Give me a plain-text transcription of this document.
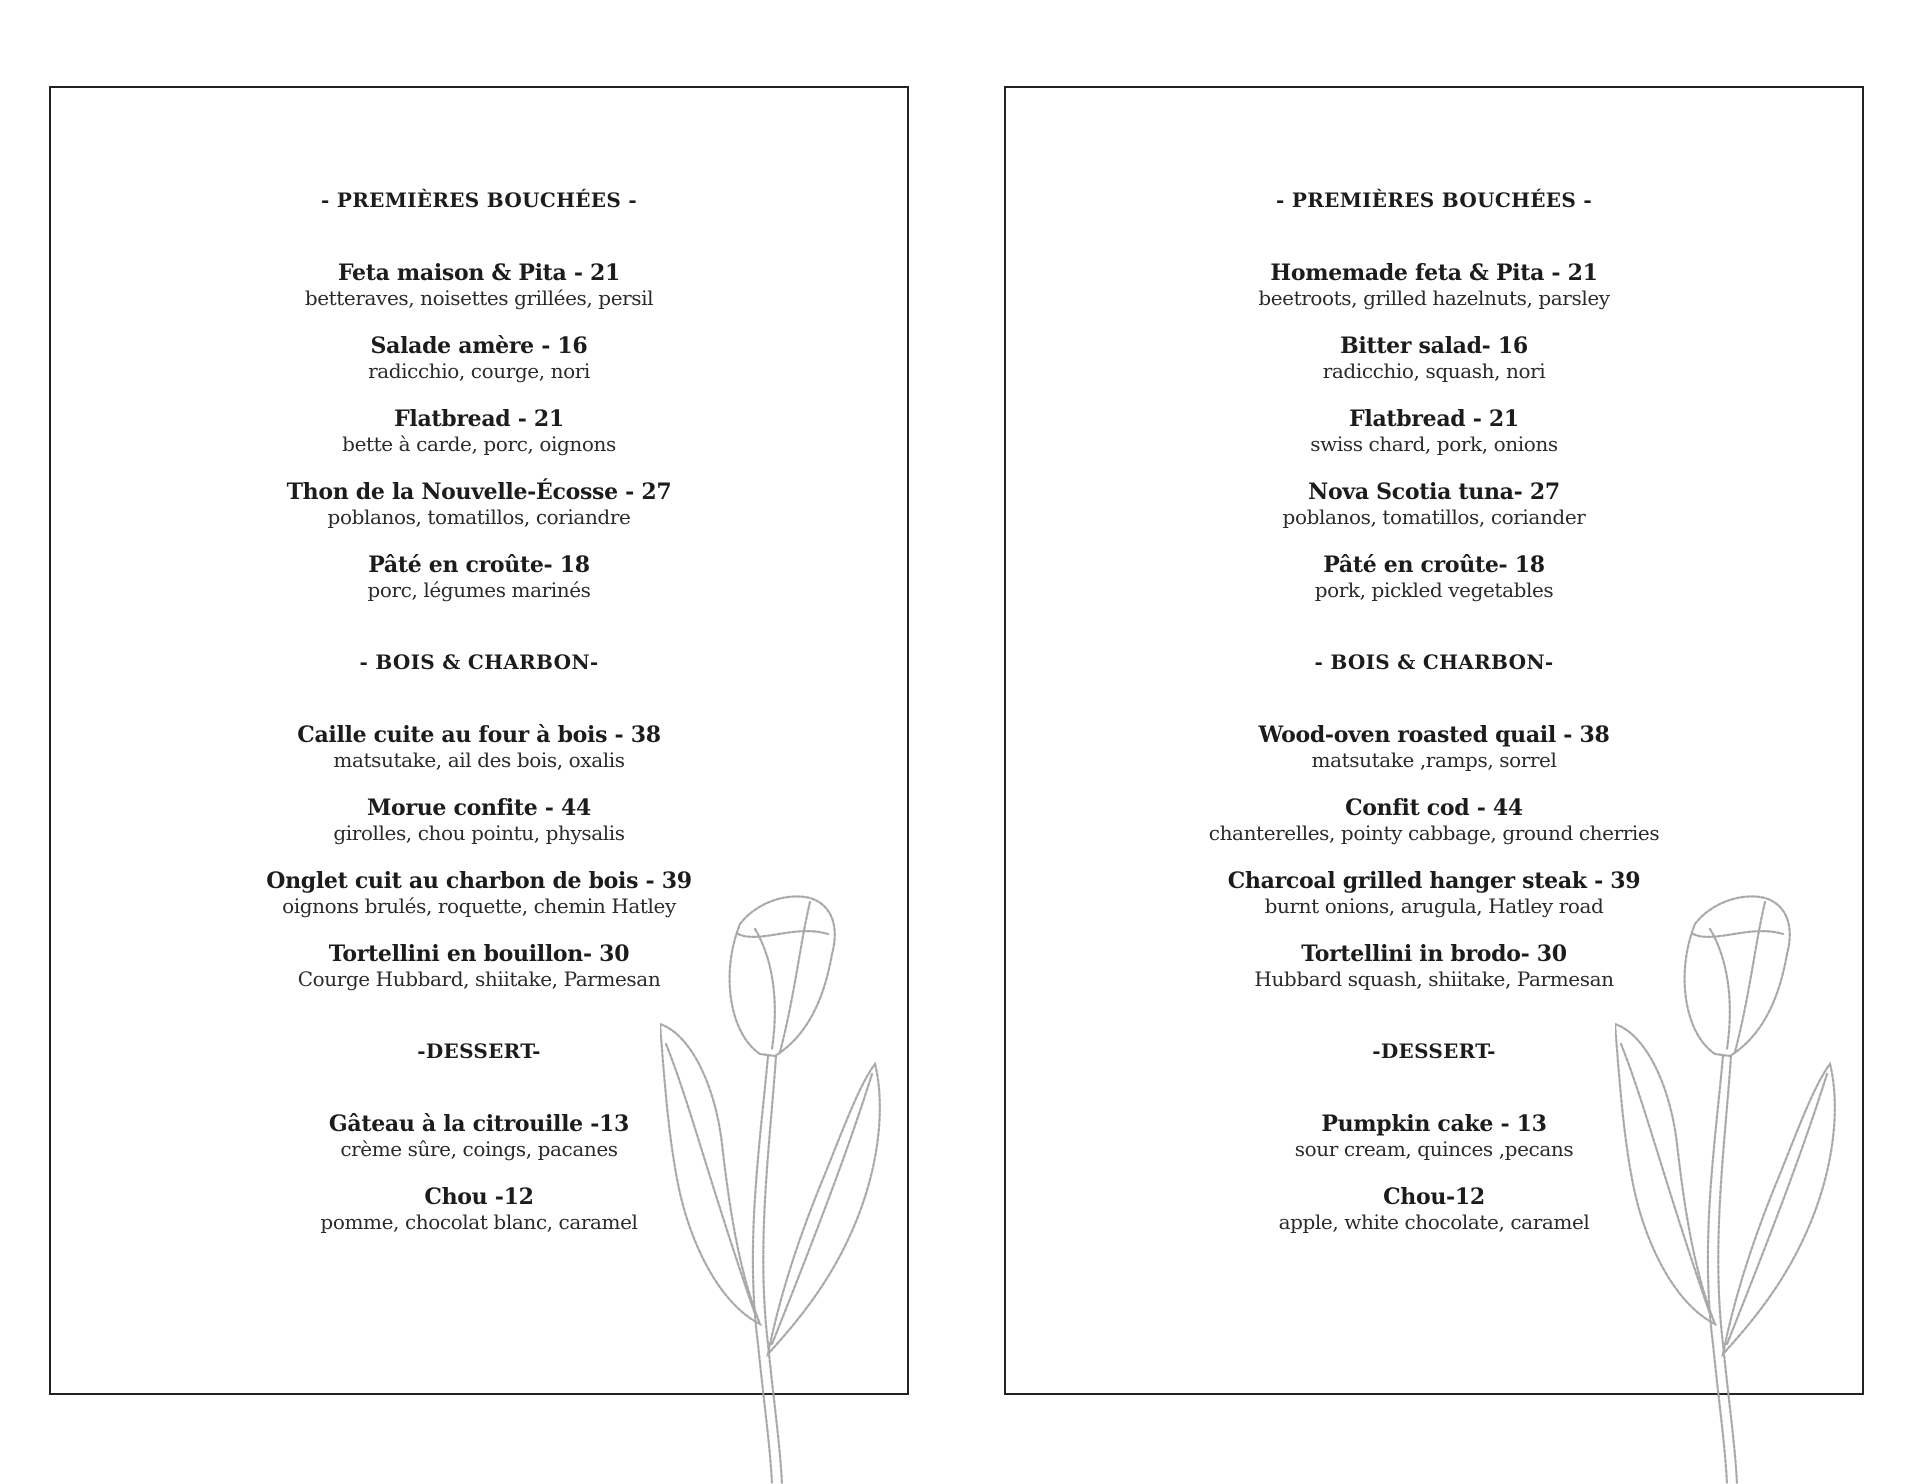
- PREMIÈRES BOUCHÉES -
Feta maison & Pita - 21
betteraves, noisettes grillées, persil
Salade amère - 16
radicchio, courge, nori
Flatbread - 21
bette à carde, porc, oignons
Thon de la Nouvelle-Écosse - 27
poblanos, tomatillos, coriandre
Pâté en croûte- 18
porc, légumes marinés
- BOIS & CHARBON-
Caille cuite au four à bois - 38
matsutake, ail des bois, oxalis
Morue confite - 44
girolles, chou pointu, physalis
Onglet cuit au charbon de bois - 39
oignons brulés, roquette, chemin Hatley
Tortellini en bouillon- 30
Courge Hubbard, shiitake, Parmesan
-DESSERT-
Gâteau à la citrouille -13
crème sûre, coings, pacanes
Chou -12
pomme, chocolat blanc, caramel
- PREMIÈRES BOUCHÉES -
Homemade feta & Pita - 21
beetroots, grilled hazelnuts, parsley
Bitter salad- 16
radicchio, squash, nori
Flatbread - 21
swiss chard, pork, onions
Nova Scotia tuna- 27
poblanos, tomatillos, coriander
Pâté en croûte- 18
pork, pickled vegetables
- BOIS & CHARBON-
Wood-oven roasted quail - 38
matsutake ,ramps, sorrel
Confit cod - 44
chanterelles, pointy cabbage, ground cherries
Charcoal grilled hanger steak - 39
burnt onions, arugula, Hatley road
Tortellini in brodo- 30
Hubbard squash, shiitake, Parmesan
-DESSERT-
Pumpkin cake - 13
sour cream, quinces ,pecans
Chou-12
apple, white chocolate, caramel
